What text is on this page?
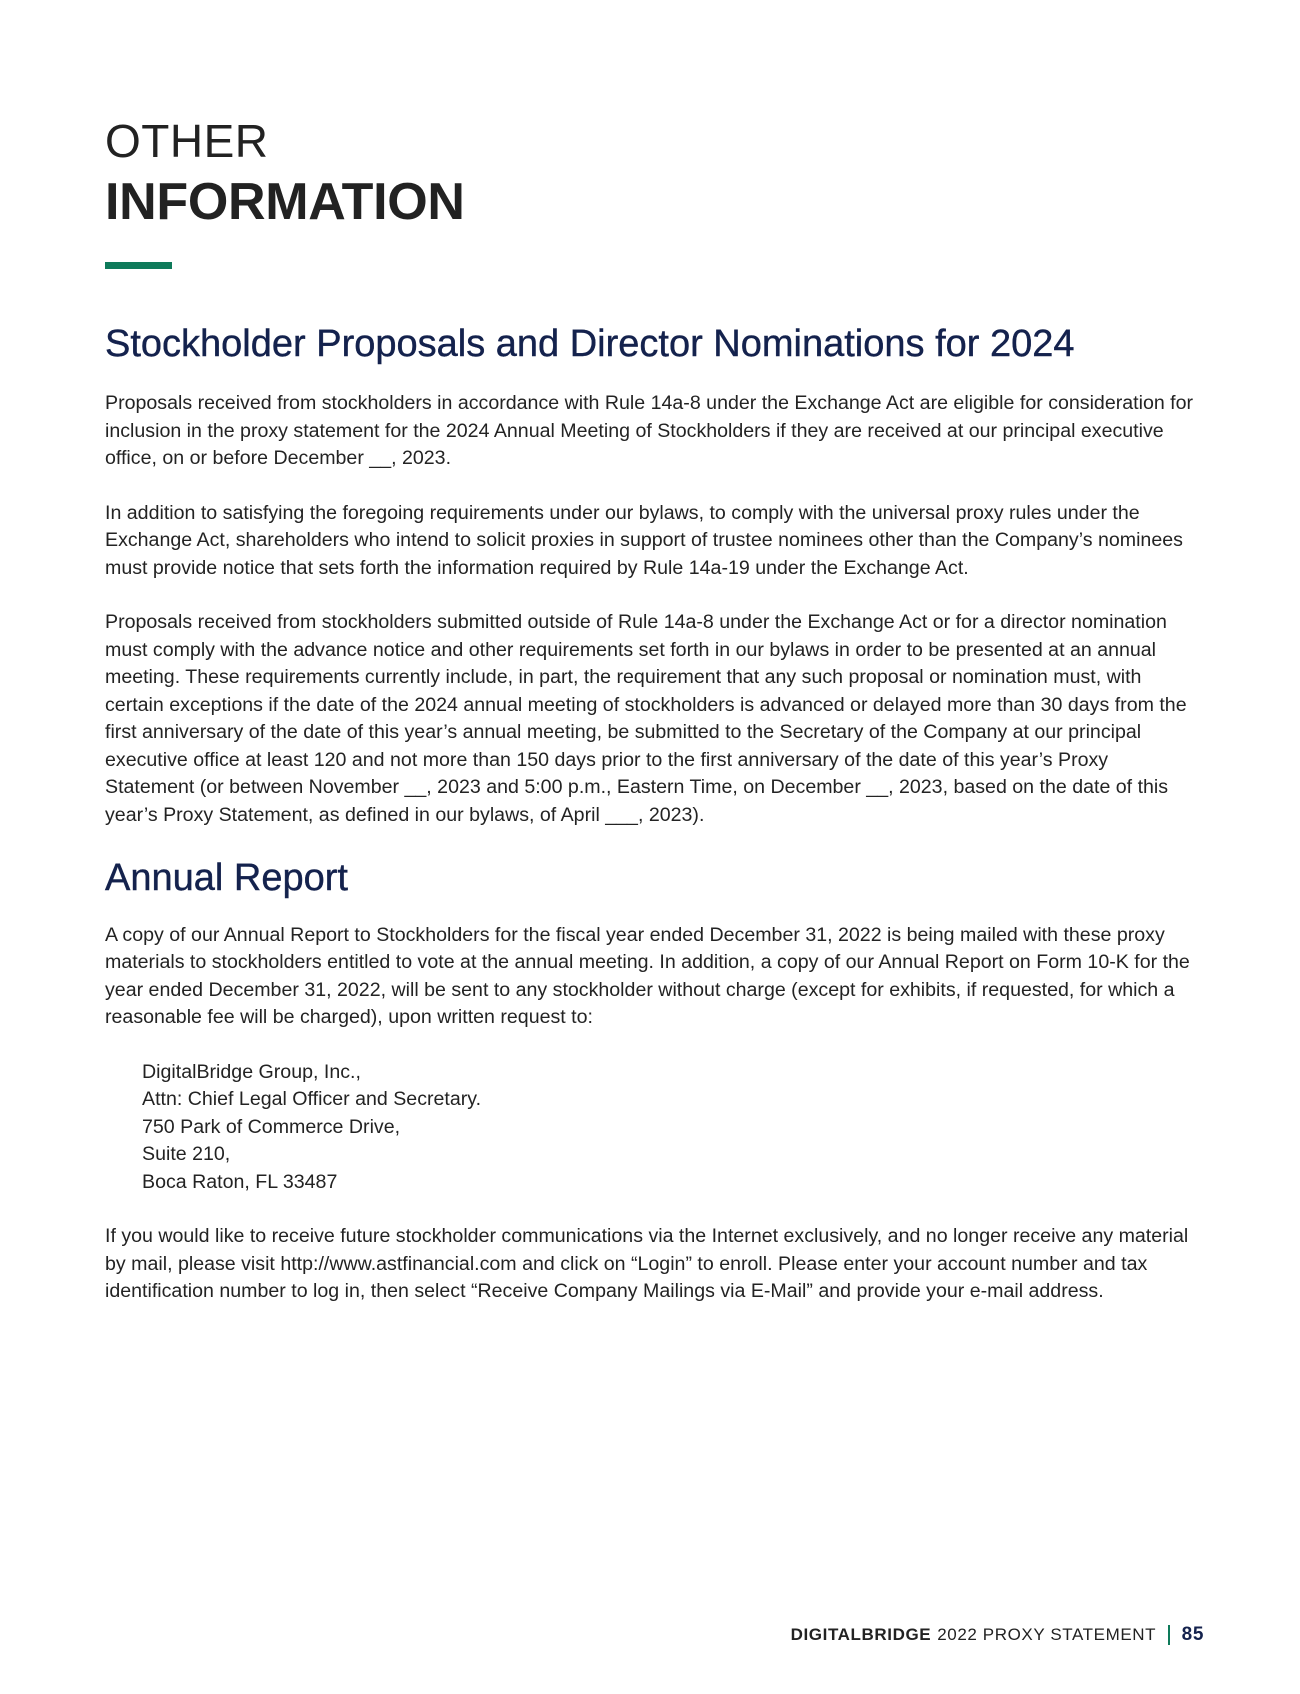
OTHER
INFORMATION
Stockholder Proposals and Director Nominations for 2024

Proposals received from stockholders in accordance with Rule 14a-8 under the Exchange Act are eligible for consideration for inclusion in the proxy statement for the 2024 Annual Meeting of Stockholders if they are received at our principal executive office, on or before December __, 2023.

In addition to satisfying the foregoing requirements under our bylaws, to comply with the universal proxy rules under the Exchange Act, shareholders who intend to solicit proxies in support of trustee nominees other than the Company’s nominees must provide notice that sets forth the information required by Rule 14a-19 under the Exchange Act.

Proposals received from stockholders submitted outside of Rule 14a-8 under the Exchange Act or for a director nomination must comply with the advance notice and other requirements set forth in our bylaws in order to be presented at an annual meeting. These requirements currently include, in part, the requirement that any such proposal or nomination must, with certain exceptions if the date of the 2024 annual meeting of stockholders is advanced or delayed more than 30 days from the first anniversary of the date of this year’s annual meeting, be submitted to the Secretary of the Company at our principal executive office at least 120 and not more than 150 days prior to the first anniversary of the date of this year’s Proxy Statement (or between November __, 2023 and 5:00 p.m., Eastern Time, on December __, 2023, based on the date of this year’s Proxy Statement, as defined in our bylaws, of April ___, 2023).

Annual Report

A copy of our Annual Report to Stockholders for the fiscal year ended December 31, 2022 is being mailed with these proxy materials to stockholders entitled to vote at the annual meeting. In addition, a copy of our Annual Report on Form 10-K for the year ended December 31, 2022, will be sent to any stockholder without charge (except for exhibits, if requested, for which a reasonable fee will be charged), upon written request to:

DigitalBridge Group, Inc.,
Attn: Chief Legal Officer and Secretary.
750 Park of Commerce Drive,
Suite 210,
Boca Raton, FL 33487

If you would like to receive future stockholder communications via the Internet exclusively, and no longer receive any material by mail, please visit http://www.astfinancial.com and click on “Login” to enroll. Please enter your account number and tax identification number to log in, then select “Receive Company Mailings via E-Mail” and provide your e-mail address.

DIGITALBRIDGE 2022 PROXY STATEMENT 85
